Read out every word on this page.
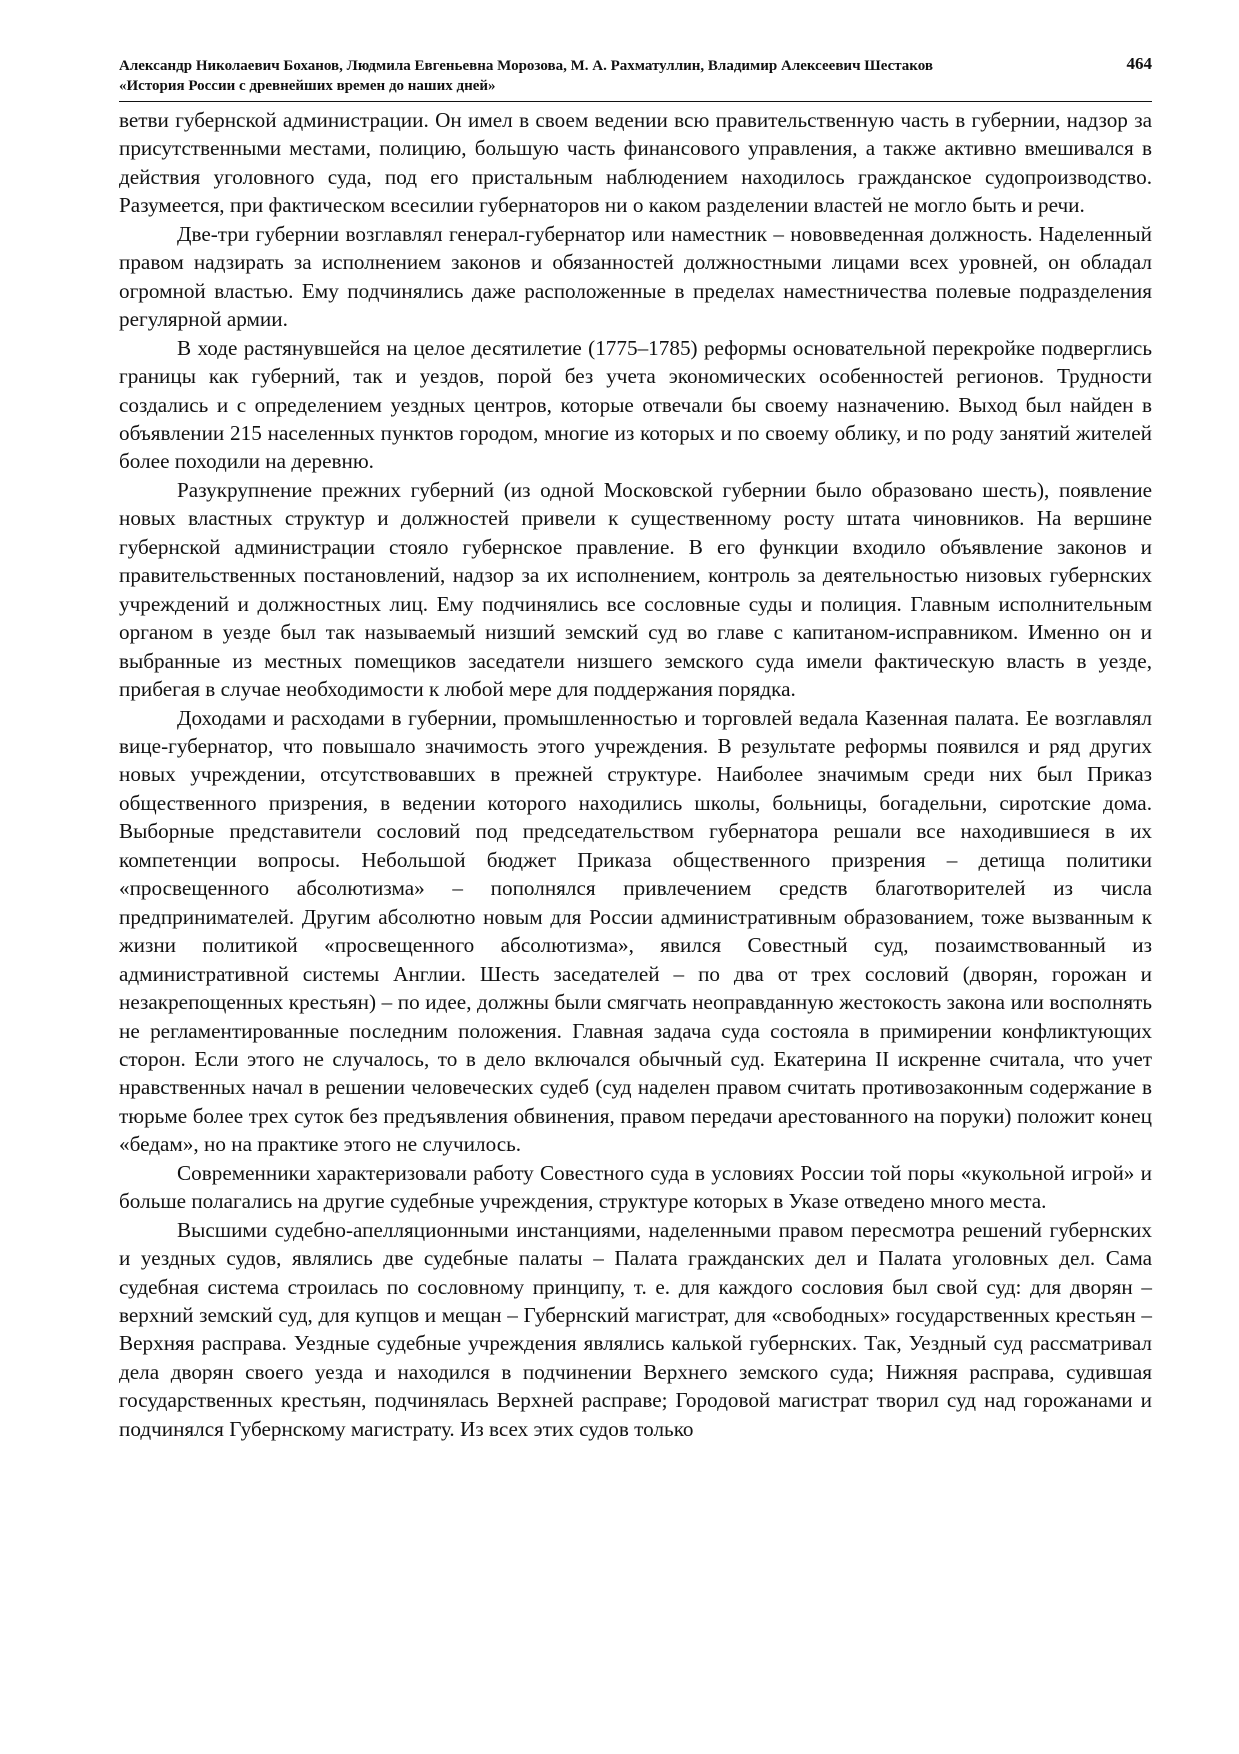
Александр Николаевич Боханов, Людмила Евгеньевна Морозова, М. А. Рахматуллин, Владимир Алексеевич Шестаков
«История России с древнейших времен до наших дней»
464

ветви губернской администрации. Он имел в своем ведении всю правительственную часть в губернии, надзор за присутственными местами, полицию, большую часть финансового управления, а также активно вмешивался в действия уголовного суда, под его пристальным наблюдением находилось гражданское судопроизводство. Разумеется, при фактическом всесилии губернаторов ни о каком разделении властей не могло быть и речи.

Две-три губернии возглавлял генерал-губернатор или наместник – нововведенная должность. Наделенный правом надзирать за исполнением законов и обязанностей должностными лицами всех уровней, он обладал огромной властью. Ему подчинялись даже расположенные в пределах наместничества полевые подразделения регулярной армии.

В ходе растянувшейся на целое десятилетие (1775–1785) реформы основательной перекройке подверглись границы как губерний, так и уездов, порой без учета экономических особенностей регионов. Трудности создались и с определением уездных центров, которые отвечали бы своему назначению. Выход был найден в объявлении 215 населенных пунктов городом, многие из которых и по своему облику, и по роду занятий жителей более походили на деревню.

Разукрупнение прежних губерний (из одной Московской губернии было образовано шесть), появление новых властных структур и должностей привели к существенному росту штата чиновников. На вершине губернской администрации стояло губернское правление. В его функции входило объявление законов и правительственных постановлений, надзор за их исполнением, контроль за деятельностью низовых губернских учреждений и должностных лиц. Ему подчинялись все сословные суды и полиция. Главным исполнительным органом в уезде был так называемый низший земский суд во главе с капитаном-исправником. Именно он и выбранные из местных помещиков заседатели низшего земского суда имели фактическую власть в уезде, прибегая в случае необходимости к любой мере для поддержания порядка.

Доходами и расходами в губернии, промышленностью и торговлей ведала Казенная палата. Ее возглавлял вице-губернатор, что повышало значимость этого учреждения. В результате реформы появился и ряд других новых учреждении, отсутствовавших в прежней структуре. Наиболее значимым среди них был Приказ общественного призрения, в ведении которого находились школы, больницы, богадельни, сиротские дома. Выборные представители сословий под председательством губернатора решали все находившиеся в их компетенции вопросы. Небольшой бюджет Приказа общественного призрения – детища политики «просвещенного абсолютизма» – пополнялся привлечением средств благотворителей из числа предпринимателей. Другим абсолютно новым для России административным образованием, тоже вызванным к жизни политикой «просвещенного абсолютизма», явился Совестный суд, позаимствованный из административной системы Англии. Шесть заседателей – по два от трех сословий (дворян, горожан и незакрепощенных крестьян) – по идее, должны были смягчать неоправданную жестокость закона или восполнять не регламентированные последним положения. Главная задача суда состояла в примирении конфликтующих сторон. Если этого не случалось, то в дело включался обычный суд. Екатерина II искренне считала, что учет нравственных начал в решении человеческих судеб (суд наделен правом считать противозаконным содержание в тюрьме более трех суток без предъявления обвинения, правом передачи арестованного на поруки) положит конец «бедам», но на практике этого не случилось.

Современники характеризовали работу Совестного суда в условиях России той поры «кукольной игрой» и больше полагались на другие судебные учреждения, структуре которых в Указе отведено много места.

Высшими судебно-апелляционными инстанциями, наделенными правом пересмотра решений губернских и уездных судов, являлись две судебные палаты – Палата гражданских дел и Палата уголовных дел. Сама судебная система строилась по сословному принципу, т. е. для каждого сословия был свой суд: для дворян – верхний земский суд, для купцов и мещан – Губернский магистрат, для «свободных» государственных крестьян – Верхняя расправа. Уездные судебные учреждения являлись калькой губернских. Так, Уездный суд рассматривал дела дворян своего уезда и находился в подчинении Верхнего земского суда; Нижняя расправа, судившая государственных крестьян, подчинялась Верхней расправе; Городовой магистрат творил суд над горожанами и подчинялся Губернскому магистрату. Из всех этих судов только
